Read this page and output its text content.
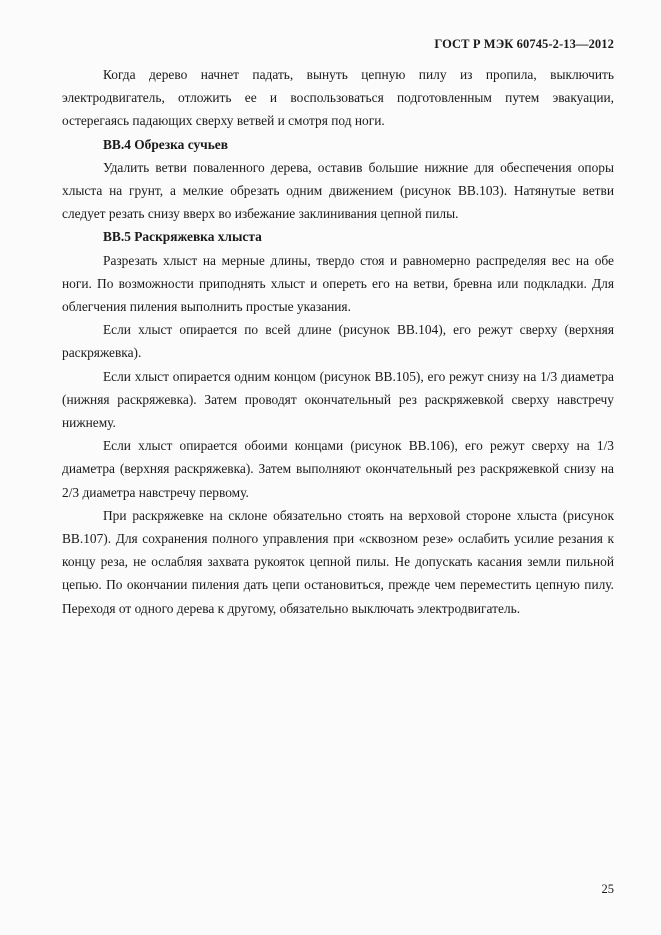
ГОСТ Р МЭК 60745-2-13—2012

Когда дерево начнет падать, вынуть цепную пилу из пропила, выключить электродвигатель, отложить ее и воспользоваться подготовленным путем эвакуации, остерегаясь падающих сверху ветвей и смотря под ноги.

ВВ.4 Обрезка сучьев

Удалить ветви поваленного дерева, оставив большие нижние для обеспечения опоры хлыста на грунт, а мелкие обрезать одним движением (рисунок ВВ.103). Натянутые ветви следует резать снизу вверх во избежание заклинивания цепной пилы.

ВВ.5 Раскряжевка хлыста

Разрезать хлыст на мерные длины, твердо стоя и равномерно распределяя вес на обе ноги. По возможности приподнять хлыст и опереть его на ветви, бревна или подкладки. Для облегчения пиления выполнить простые указания.

Если хлыст опирается по всей длине (рисунок ВВ.104), его режут сверху (верхняя раскряжевка).

Если хлыст опирается одним концом (рисунок ВВ.105), его режут снизу на 1/3 диаметра (нижняя раскряжевка). Затем проводят окончательный рез раскряжевкой сверху навстречу нижнему.

Если хлыст опирается обоими концами (рисунок ВВ.106), его режут сверху на 1/3 диаметра (верхняя раскряжевка). Затем выполняют окончательный рез раскряжевкой снизу на 2/3 диаметра навстречу первому.

При раскряжевке на склоне обязательно стоять на верховой стороне хлыста (рисунок ВВ.107). Для сохранения полного управления при «сквозном резе» ослабить усилие резания к концу реза, не ослабляя захвата рукояток цепной пилы. Не допускать касания земли пильной цепью. По окончании пиления дать цепи остановиться, прежде чем переместить цепную пилу. Переходя от одного дерева к другому, обязательно выключать электродвигатель.

25
